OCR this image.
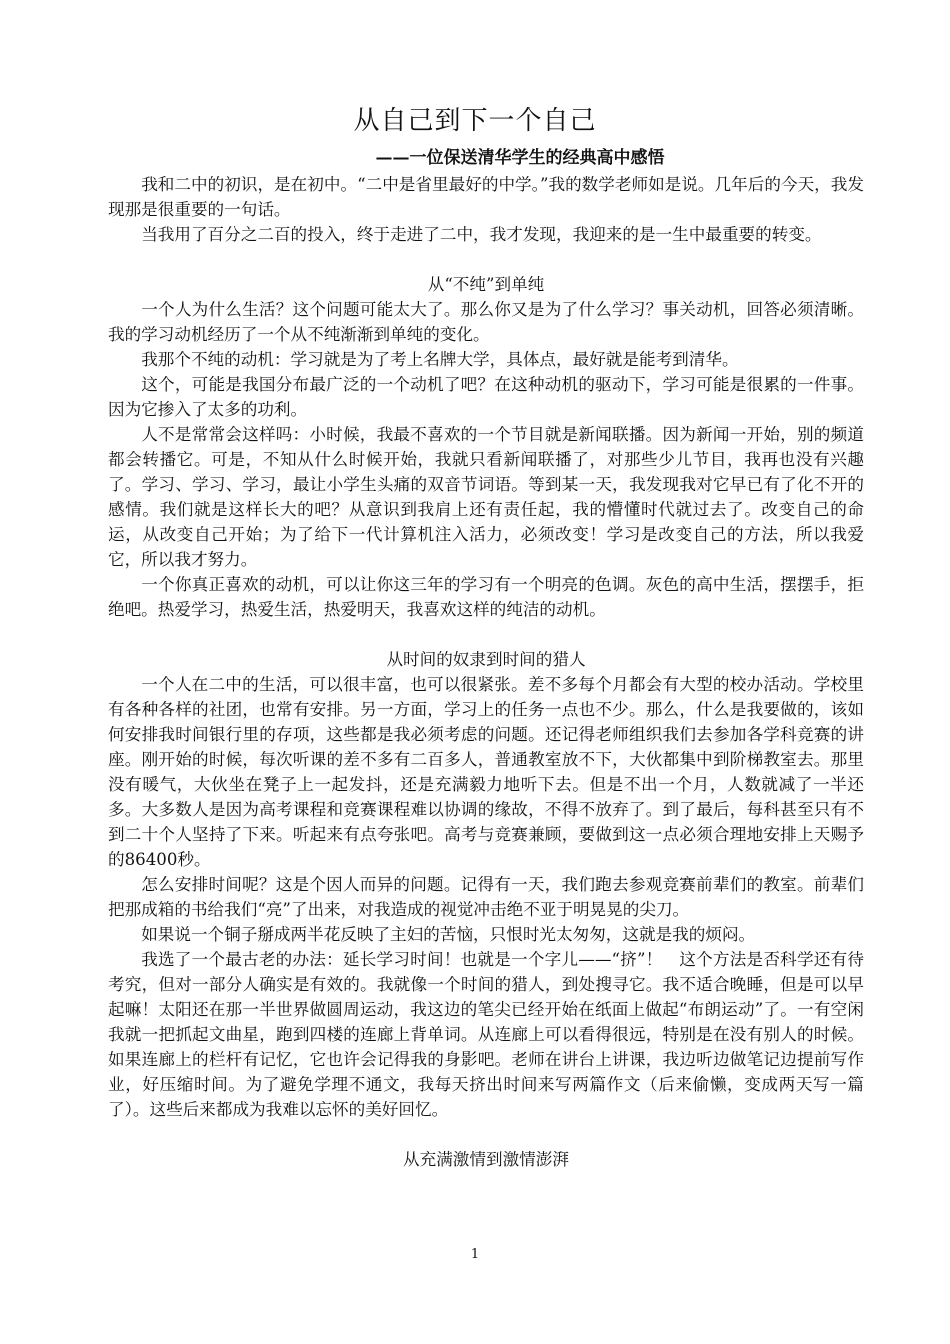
从自己到下一个自己
——一位保送清华学生的经典高中感悟

我和二中的初识，是在初中。“二中是省里最好的中学。”我的数学老师如是说。几年后的今天，我发现那是很重要的一句话。

当我用了百分之二百的投入，终于走进了二中，我才发现，我迎来的是一生中最重要的转变。

从“不纯”到单纯

一个人为什么生活？这个问题可能太大了。那么你又是为了什么学习？事关动机，回答必须清晰。我的学习动机经历了一个从不纯渐渐到单纯的变化。

我那个不纯的动机：学习就是为了考上名牌大学，具体点，最好就是能考到清华。

这个，可能是我国分布最广泛的一个动机了吧？在这种动机的驱动下，学习可能是很累的一件事。因为它掺入了太多的功利。

人不是常常会这样吗：小时候，我最不喜欢的一个节目就是新闻联播。因为新闻一开始，别的频道都会转播它。可是，不知从什么时候开始，我就只看新闻联播了，对那些少儿节目，我再也没有兴趣了。学习、学习、学习，最让小学生头痛的双音节词语。等到某一天，我发现我对它早已有了化不开的感情。我们就是这样长大的吧？从意识到我肩上还有责任起，我的懵懂时代就过去了。改变自己的命运，从改变自己开始；为了给下一代计算机注入活力，必须改变！学习是改变自己的方法，所以我爱它，所以我才努力。

一个你真正喜欢的动机，可以让你这三年的学习有一个明亮的色调。灰色的高中生活，摆摆手，拒绝吧。热爱学习，热爱生活，热爱明天，我喜欢这样的纯洁的动机。

从时间的奴隶到时间的猎人

一个人在二中的生活，可以很丰富，也可以很紧张。差不多每个月都会有大型的校办活动。学校里有各种各样的社团，也常有安排。另一方面，学习上的任务一点也不少。那么，什么是我要做的，该如何安排我时间银行里的存项，这些都是我必须考虑的问题。还记得老师组织我们去参加各学科竞赛的讲座。刚开始的时候，每次听课的差不多有二百多人，普通教室放不下，大伙都集中到阶梯教室去。那里没有暖气，大伙坐在凳子上一起发抖，还是充满毅力地听下去。但是不出一个月，人数就减了一半还多。大多数人是因为高考课程和竞赛课程难以协调的缘故，不得不放弃了。到了最后，每科甚至只有不到二十个人坚持了下来。听起来有点夸张吧。高考与竞赛兼顾，要做到这一点必须合理地安排上天赐予的86400秒。

怎么安排时间呢？这是个因人而异的问题。记得有一天，我们跑去参观竞赛前辈们的教室。前辈们把那成箱的书给我们“亮”了出来，对我造成的视觉冲击绝不亚于明晃晃的尖刀。

如果说一个铜子掰成两半花反映了主妇的苦恼，只恨时光太匆匆，这就是我的烦闷。

我选了一个最古老的办法：延长学习时间！也就是一个字儿——“挤”！　这个方法是否科学还有待考究，但对一部分人确实是有效的。我就像一个时间的猎人，到处搜寻它。我不适合晚睡，但是可以早起嘛！太阳还在那一半世界做圆周运动，我这边的笔尖已经开始在纸面上做起“布朗运动”了。一有空闲我就一把抓起文曲星，跑到四楼的连廊上背单词。从连廊上可以看得很远，特别是在没有别人的时候。如果连廊上的栏杆有记忆，它也许会记得我的身影吧。老师在讲台上讲课，我边听边做笔记边提前写作业，好压缩时间。为了避免学理不通文，我每天挤出时间来写两篇作文（后来偷懒，变成两天写一篇了）。这些后来都成为我难以忘怀的美好回忆。

从充满激情到激情澎湃
1
